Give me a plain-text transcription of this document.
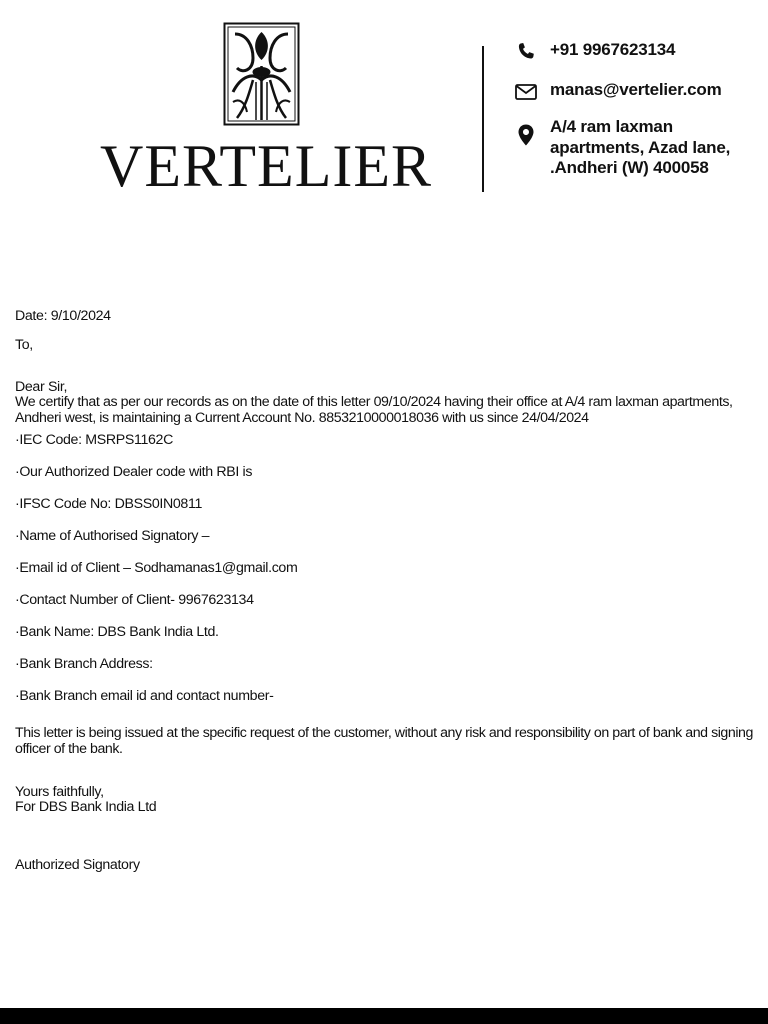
VERTELIER
+91 9967623134
manas@vertelier.com
A/4 ram laxman apartments, Azad lane, .Andheri (W) 400058
Date: 9/10/2024
To,
Dear Sir,
We certify that as per our records as on the date of this letter 09/10/2024 having their office at A/4 ram laxman apartments, Andheri west, is maintaining a Current Account No. 8853210000018036 with us since 24/04/2024
·IEC Code: MSRPS1162C
·Our Authorized Dealer code with RBI is
·IFSC Code No: DBSS0IN0811
·Name of Authorised Signatory –
·Email id of Client – Sodhamanas1@gmail.com
·Contact Number of Client- 9967623134
·Bank Name: DBS Bank India Ltd.
·Bank Branch Address:
·Bank Branch email id and contact number-
This letter is being issued at the specific request of the customer, without any risk and responsibility on part of bank and signing officer of the bank.
Yours faithfully,
For DBS Bank India Ltd
Authorized Signatory
